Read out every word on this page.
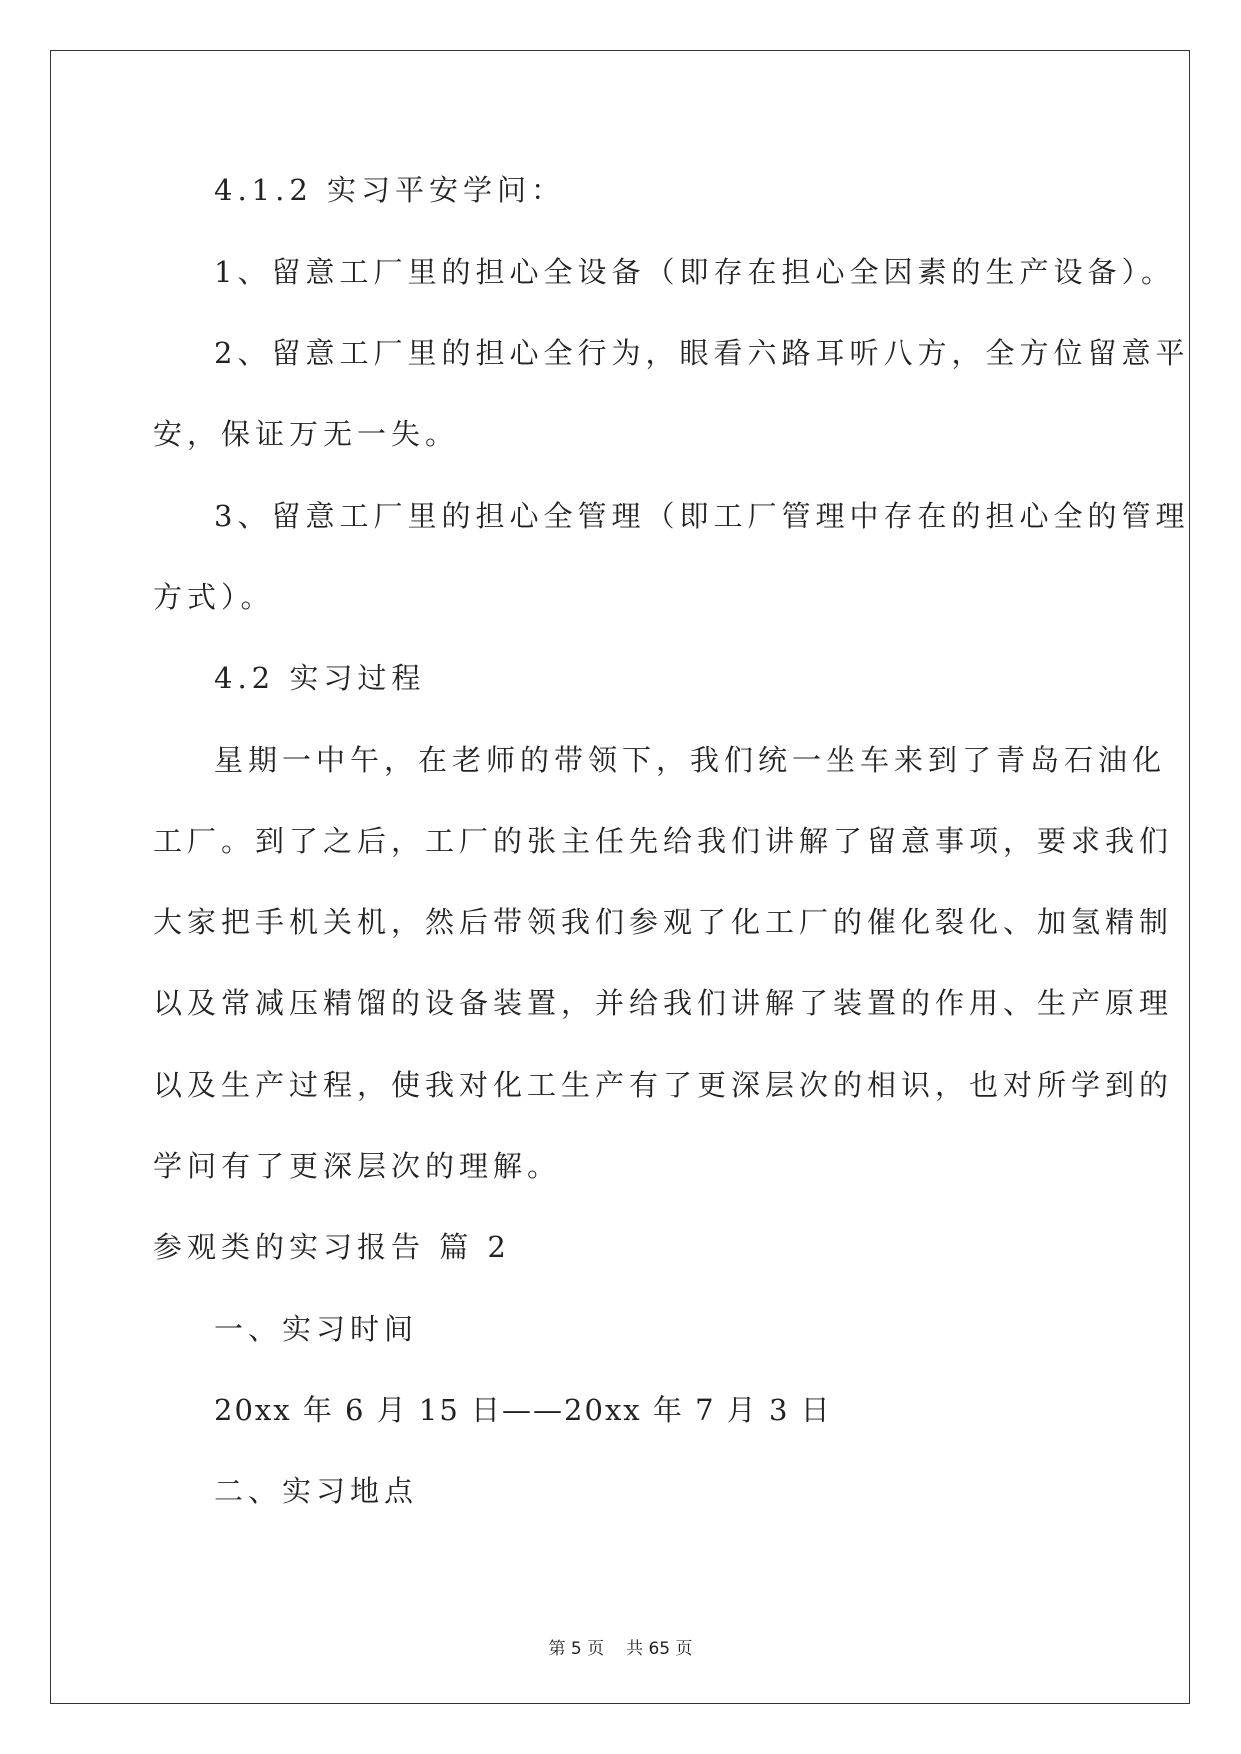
4.1.2 实习平安学问：
1、留意工厂里的担心全设备（即存在担心全因素的生产设备）。
2、留意工厂里的担心全行为，眼看六路耳听八方，全方位留意平
安，保证万无一失。
3、留意工厂里的担心全管理（即工厂管理中存在的担心全的管理
方式）。
4.2 实习过程
星期一中午，在老师的带领下，我们统一坐车来到了青岛石油化
工厂。到了之后，工厂的张主任先给我们讲解了留意事项，要求我们
大家把手机关机，然后带领我们参观了化工厂的催化裂化、加氢精制
以及常减压精馏的设备装置，并给我们讲解了装置的作用、生产原理
以及生产过程，使我对化工生产有了更深层次的相识，也对所学到的
学问有了更深层次的理解。
参观类的实习报告 篇 2
一、实习时间
20xx 年 6 月 15 日——20xx 年 7 月 3 日
二、实习地点
第 5 页 共 65 页
